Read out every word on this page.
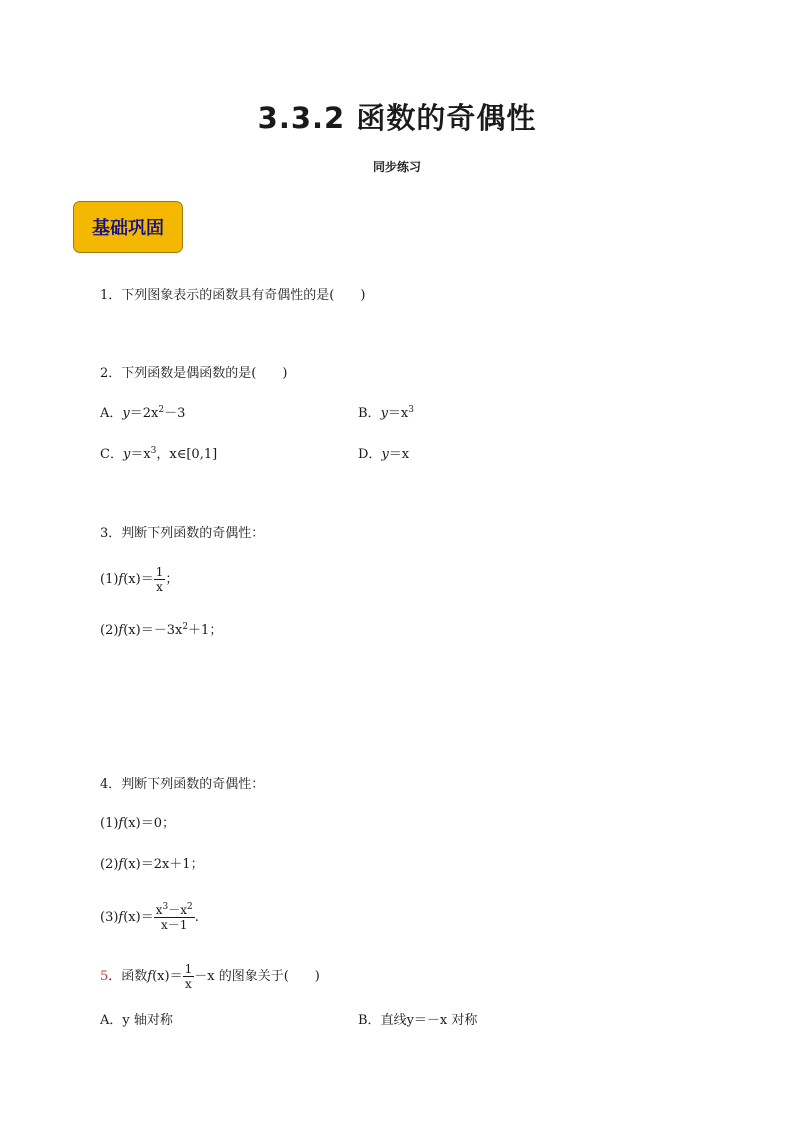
3.3.2 函数的奇偶性
同步练习
基础巩固
1．下列图象表示的函数具有奇偶性的是(　　)
2．下列函数是偶函数的是(　　)
A．$y=2x^2-3$	B．$y=x^3$
C．$y=x^3$，x∈[0,1]	D．y＝x
3．判断下列函数的奇偶性：
$(1)f(x)= \frac{1}{x}$ ；
$(2)f(x)=-3x^2+1$；
4．判断下列函数的奇偶性：
(1)f(x)＝0；
(2)f(x)＝2x＋1；
$(3)f(x)= \frac{x^3-x^2}{x-1}$ .
5．函数$f(x)= \frac{1}{x} -x$ 的图象关于(　　)
A．y 轴对称	B．直线y＝－x 对称
